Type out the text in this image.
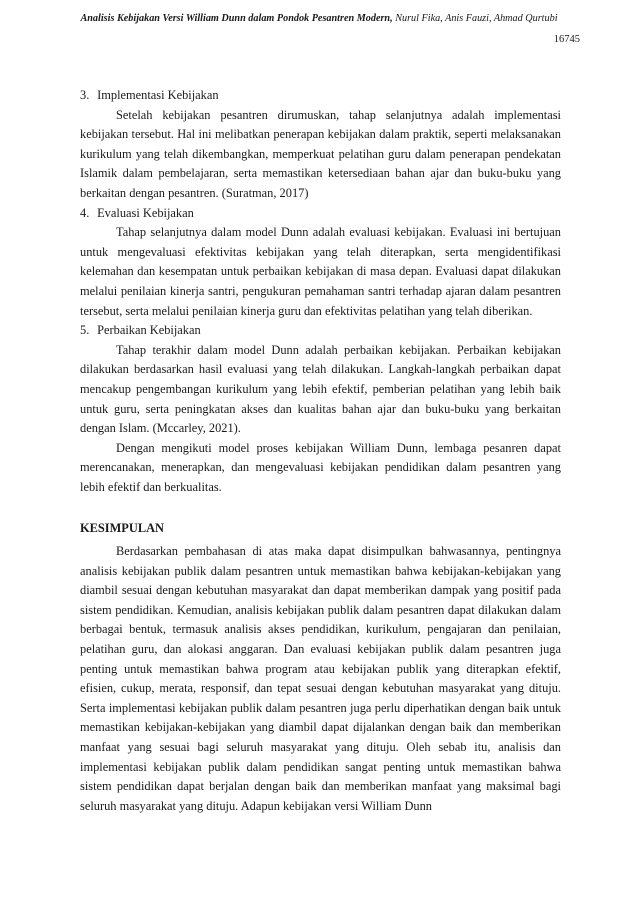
Analisis Kebijakan Versi William Dunn dalam Pondok Pesantren Modern, Nurul Fika, Anis Fauzi, Ahmad Qurtubi
16745
3. Implementasi Kebijakan

Setelah kebijakan pesantren dirumuskan, tahap selanjutnya adalah implementasi kebijakan tersebut. Hal ini melibatkan penerapan kebijakan dalam praktik, seperti melaksanakan kurikulum yang telah dikembangkan, memperkuat pelatihan guru dalam penerapan pendekatan Islamik dalam pembelajaran, serta memastikan ketersediaan bahan ajar dan buku-buku yang berkaitan dengan pesantren. (Suratman, 2017)

4. Evaluasi Kebijakan

Tahap selanjutnya dalam model Dunn adalah evaluasi kebijakan. Evaluasi ini bertujuan untuk mengevaluasi efektivitas kebijakan yang telah diterapkan, serta mengidentifikasi kelemahan dan kesempatan untuk perbaikan kebijakan di masa depan. Evaluasi dapat dilakukan melalui penilaian kinerja santri, pengukuran pemahaman santri terhadap ajaran dalam pesantren tersebut, serta melalui penilaian kinerja guru dan efektivitas pelatihan yang telah diberikan.

5. Perbaikan Kebijakan

Tahap terakhir dalam model Dunn adalah perbaikan kebijakan. Perbaikan kebijakan dilakukan berdasarkan hasil evaluasi yang telah dilakukan. Langkah-langkah perbaikan dapat mencakup pengembangan kurikulum yang lebih efektif, pemberian pelatihan yang lebih baik untuk guru, serta peningkatan akses dan kualitas bahan ajar dan buku-buku yang berkaitan dengan Islam. (Mccarley, 2021).

Dengan mengikuti model proses kebijakan William Dunn, lembaga pesanren dapat merencanakan, menerapkan, dan mengevaluasi kebijakan pendidikan dalam pesantren yang lebih efektif dan berkualitas.

KESIMPULAN

Berdasarkan pembahasan di atas maka dapat disimpulkan bahwasannya, pentingnya analisis kebijakan publik dalam pesantren untuk memastikan bahwa kebijakan-kebijakan yang diambil sesuai dengan kebutuhan masyarakat dan dapat memberikan dampak yang positif pada sistem pendidikan. Kemudian, analisis kebijakan publik dalam pesantren dapat dilakukan dalam berbagai bentuk, termasuk analisis akses pendidikan, kurikulum, pengajaran dan penilaian, pelatihan guru, dan alokasi anggaran. Dan evaluasi kebijakan publik dalam pesantren juga penting untuk memastikan bahwa program atau kebijakan publik yang diterapkan efektif, efisien, cukup, merata, responsif, dan tepat sesuai dengan kebutuhan masyarakat yang dituju. Serta implementasi kebijakan publik dalam pesantren juga perlu diperhatikan dengan baik untuk memastikan kebijakan-kebijakan yang diambil dapat dijalankan dengan baik dan memberikan manfaat yang sesuai bagi seluruh masyarakat yang dituju. Oleh sebab itu, analisis dan implementasi kebijakan publik dalam pendidikan sangat penting untuk memastikan bahwa sistem pendidikan dapat berjalan dengan baik dan memberikan manfaat yang maksimal bagi seluruh masyarakat yang dituju. Adapun kebijakan versi William Dunn
